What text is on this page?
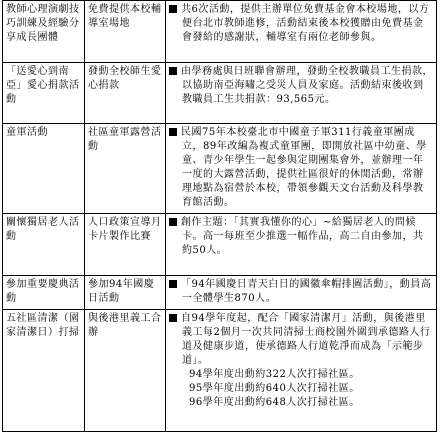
教師心理演劇技巧訓練及經驗分享成長團體	免費提供本校輔導室場地	共6次活動，提供主辦單位免費基金會本校場地，以方便台北市教師進修，活動結束後本校獲贈由免費基金會發給的感謝狀，輔導室有兩位老師參與。

「送愛心到南亞」愛心捐款活動	發動全校師生愛心捐款	由學務處與日班聯會辦理，發動全校教職員工生捐款，以協助南亞海嘯之受災人員及家庭。活動結束後收到教職員工生共捐款：93,565元。

童軍活動	社區童軍露營活動	民國75年本校臺北市中國童子軍311行義童軍團成立，89年改編為複式童軍團，即開放社區中幼童、學童、青少年學生一起參與定期團集會外，並辦理一年一度的大露營活動，提供社區很好的休閒活動，常辦理地點為宿營於本校，帶領參觀天文台活動及科學教育館活動。

關懷獨居老人活動	人口政策宣導月卡片製作比賽	創作主題：「其實我懂你的心」~給獨居老人的問候卡。高一每班至少推選一幅作品，高二自由參加，共約50人。

參加重要慶典活動	參加94年國慶日活動	「94年國慶日青天白日的國徽傘帽排圖活動」，動員高一全體學生870人。

五社區清潔（園家清潔日）打掃	與後港里義工合辦	自94學年度起，配合「國家清潔月」活動，與後港里義工每2個月一次共同清掃士商校園外圍到承德路人行道及健康步道，使承德路人行道乾淨而成為「示範步道」。
94學年度出動約322人次打掃社區。
95學年度出動約640人次打掃社區。
96學年度出動約648人次打掃社區。
